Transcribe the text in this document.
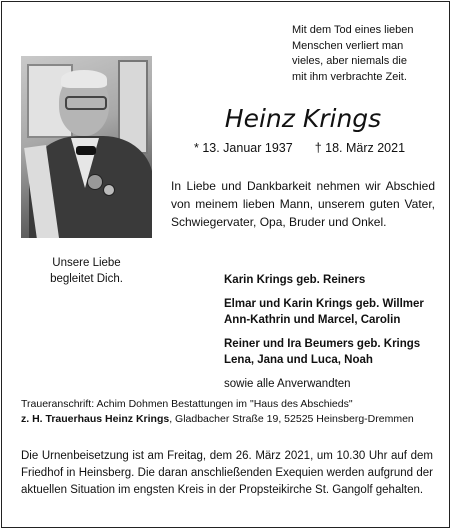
Mit dem Tod eines lieben
Menschen verliert man
vieles, aber niemals die
mit ihm verbrachte Zeit.
Heinz Krings
* 13. Januar 1937 † 18. März 2021
In Liebe und Dankbarkeit nehmen wir Abschied von meinem lieben Mann, unserem guten Vater, Schwiegervater, Opa, Bruder und Onkel.
Unsere Liebe
begleitet Dich.	Karin Krings geb. Reiners
Elmar und Karin Krings geb. Willmer
Ann-Kathrin und Marcel, Carolin
Reiner und Ira Beumers geb. Krings
Lena, Jana und Luca, Noah
sowie alle Anverwandten
Traueranschrift: Achim Dohmen Bestattungen im "Haus des Abschieds"
z. H. Trauerhaus Heinz Krings, Gladbacher Straße 19, 52525 Heinsberg-Dremmen
Die Urnenbeisetzung ist am Freitag, dem 26. März 2021, um 10.30 Uhr auf dem Friedhof in Heinsberg. Die daran anschließenden Exequien werden aufgrund der aktuellen Situation im engsten Kreis in der Propsteikirche St. Gangolf gehalten.
